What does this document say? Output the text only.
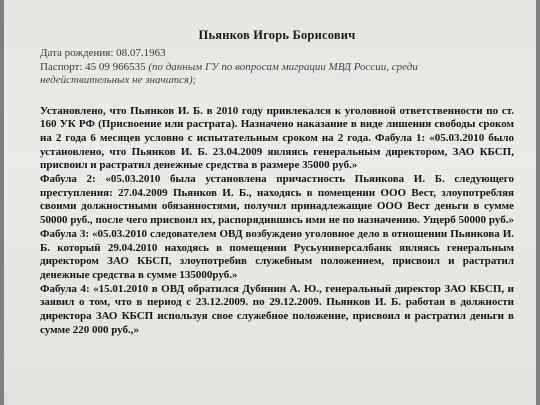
Пьянков Игорь Борисович

Дата рождения: 08.07.1963

Паспорт: 45 09 966535 (по данным ГУ по вопросам миграции МВД России, среди

недействительных не значится);

Установлено, что Пьянков И. Б. в 2010 году привлекался к уголовной ответственности по ст. 160 УК РФ (Присвоение или растрата). Назначено наказание в виде лишения свободы сроком на 2 года 6 месяцев условно с испытательным сроком на 2 года. Фабула 1: «05.03.2010 было установлено, что Пьянков И. Б. 23.04.2009 являясь генеральным директором, ЗАО КБСП, присвоил и растратил денежные средства в размере 35000 руб.»

Фабула 2: «05.03.2010 была установлена причастность Пьянкова И. Б. следующего преступления: 27.04.2009 Пьянков И. Б., находясь в помещении ООО Вест, злоупотребляя своими должностными обязанностями, получил принадлежащие ООО Вест деньги в сумме 50000 руб., после чего присвоил их, распорядившись ими не по назначению. Ущерб 50000 руб.» Фабула 3: «05.03.2010 следователем ОВД возбуждено уголовное дело в отношении Пьянкова И. Б. который 29.04.2010 находясь в помещении Русьуниверсалбанк являясь генеральным директором ЗАО КБСП, злоупотребив служебным положением, присвоил и растратил денежные средства в сумме 135000руб.»

Фабула 4: «15.01.2010 в ОВД обратился Дубинин А. Ю., генеральный директор ЗАО КБСП, и заявил о том, что в период с 23.12.2009. по 29.12.2009. Пьянков И. Б. работая в должности директора ЗАО КБСП используя свое служебное положение, присвоил и растратил деньги в сумме 220 000 руб.,»
